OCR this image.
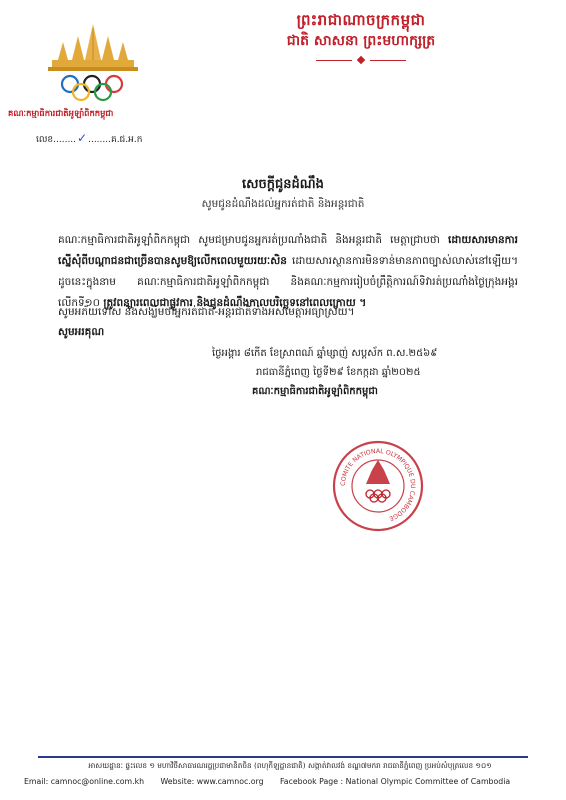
ព្រះរាជាណាចក្រកម្ពុជា
ជាតិ សាសនា ព្រះមហាក្សត្រ
គណៈកម្មាធិការជាតិអូឡាំពិកកម្ពុជា
លេខ........✓........គ.ជ.អ.ក
សេចក្ដីជូនដំណឹង
សូមជូនដំណឹងដល់អ្នករត់ជាតិ និងអន្តរជាតិ
គណៈកម្មាធិការជាតិអូឡាំពិកកម្ពុជា សូមជម្រាបជូនអ្នករត់ប្រណាំងជាតិ និងអន្តរជាតិ មេត្តាជ្រាបថា ដោយសារមានការស្នើសុំពីបណ្ដាជនជាច្រើនបានសូមឱ្យលើកពេលមួយរយៈសិន ដោយសារស្ថានការមិនទាន់មានភាពច្បាស់លាស់នៅឡើយ។ ដូចនេះក្នុងនាម គណៈកម្មាធិការជាតិអូឡាំពិកកម្ពុជា និងគណៈកម្មការរៀបចំព្រឹត្តិការណ៍ទិវារត់ប្រណាំងថ្ងៃក្រុងអង្គរលើកទី១០ ត្រូវពន្យារពេលជាផ្លូវការ និងជូនដំណឹងកាលបរិច្ឆេទនៅពេលក្រោយ ។
សូមអភ័យទោស និងសង្ឃឹមថាអ្នករត់ជាតិ-អន្តរជាតិទាំងអស់មេត្តាអធ្យាស្រ័យ។
សូមអរគុណ
ថ្ងៃអង្គារ ៨កើត ខែស្រាពណ៍ ឆ្នាំម្សាញ់ សប្តស័ក ព.ស.២៥៦៩
រាជធានីភ្នំពេញ ថ្ងៃទី២៩ ខែកក្កដា ឆ្នាំ២០២៥
គណៈកម្មាធិការជាតិអូឡាំពិកកម្ពុជា
COMITE NATIONAL OLYMPIQUE DU CAMBODGE
អាសយដ្ឋានៈ ផ្ទះលេខ ១ មហាវិថីសាធារណរដ្ឋប្រជាមានិតចិន (ពហុកីឡដ្ឋានជាតិ) សង្កាត់វាលវង់ ខណ្ឌ៧មករា រាជធានីភ្នំពេញ ប្រអប់សំបុត្រលេខ ១០១
Email: camnoc@online.com.kh Website: www.camnoc.org Facebook Page : National Olympic Committee of Cambodia
